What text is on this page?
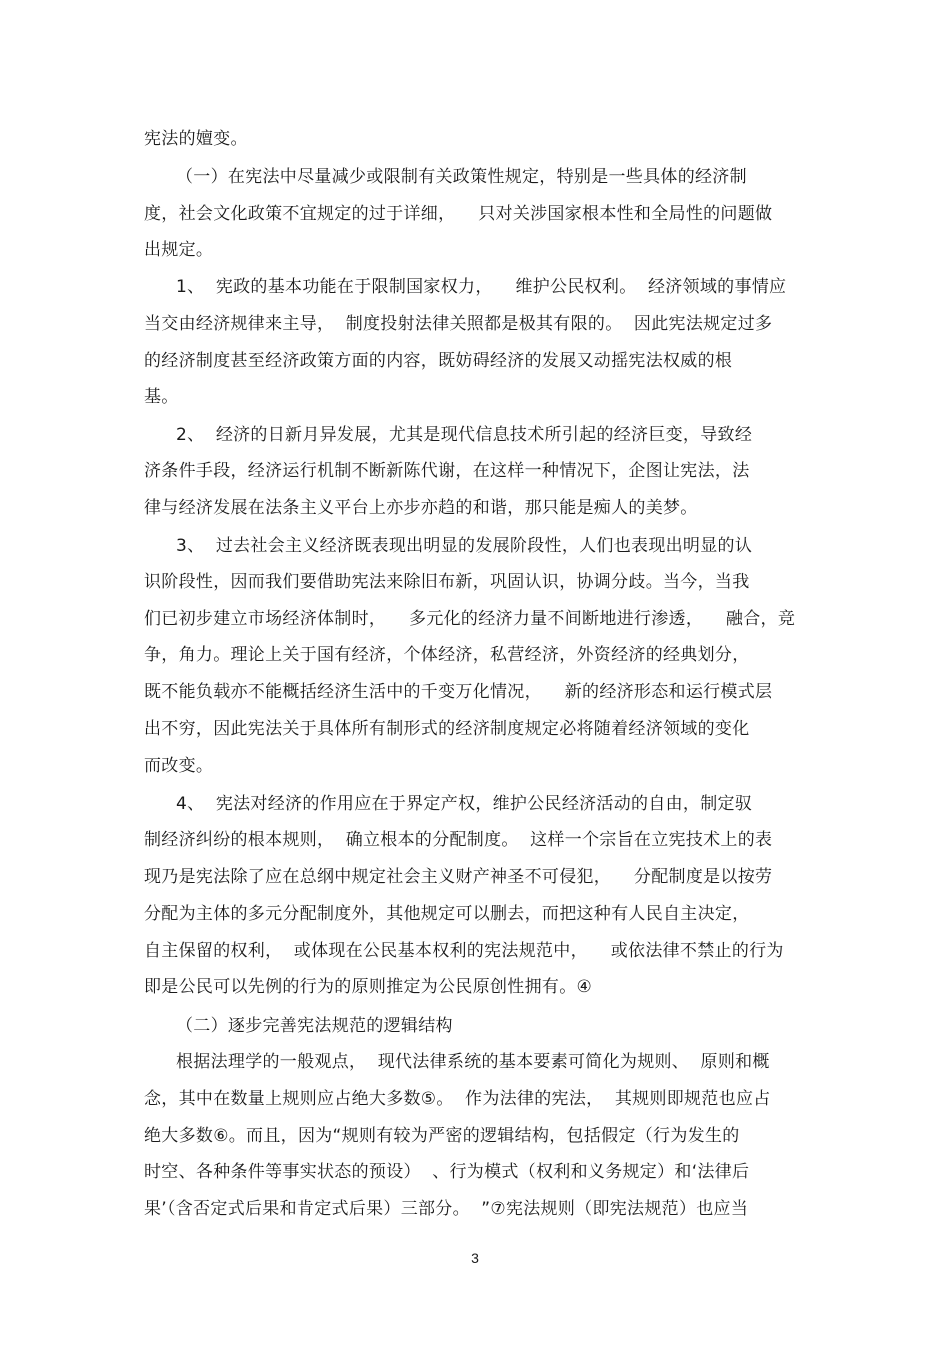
宪法的嬗变。
（一）在宪法中尽量减少或限制有关政策性规定，特别是一些具体的经济制
度，社会文化政策不宜规定的过于详细，    只对关涉国家根本性和全局性的问题做
出规定。
1、  宪政的基本功能在于限制国家权力，    维护公民权利。  经济领域的事情应
当交由经济规律来主导，  制度投射法律关照都是极其有限的。  因此宪法规定过多
的经济制度甚至经济政策方面的内容，既妨碍经济的发展又动摇宪法权威的根
基。
2、  经济的日新月异发展，尤其是现代信息技术所引起的经济巨变，导致经
济条件手段，经济运行机制不断新陈代谢，在这样一种情况下，企图让宪法，法
律与经济发展在法条主义平台上亦步亦趋的和谐，那只能是痴人的美梦。
3、  过去社会主义经济既表现出明显的发展阶段性，人们也表现出明显的认
识阶段性，因而我们要借助宪法来除旧布新，巩固认识，协调分歧。当今，当我
们已初步建立市场经济体制时，    多元化的经济力量不间断地进行渗透，    融合，竞
争，角力。理论上关于国有经济，个体经济，私营经济，外资经济的经典划分，
既不能负载亦不能概括经济生活中的千变万化情况，    新的经济形态和运行模式层
出不穷，因此宪法关于具体所有制形式的经济制度规定必将随着经济领域的变化
而改变。
4、  宪法对经济的作用应在于界定产权，维护公民经济活动的自由，制定驭
制经济纠纷的根本规则，  确立根本的分配制度。  这样一个宗旨在立宪技术上的表
现乃是宪法除了应在总纲中规定社会主义财产神圣不可侵犯，    分配制度是以按劳
分配为主体的多元分配制度外，其他规定可以删去，而把这种有人民自主决定，
自主保留的权利，  或体现在公民基本权利的宪法规范中，    或依法律不禁止的行为
即是公民可以先例的行为的原则推定为公民原创性拥有。④
（二）逐步完善宪法规范的逻辑结构
根据法理学的一般观点，  现代法律系统的基本要素可简化为规则、  原则和概
念，其中在数量上规则应占绝大多数⑤。  作为法律的宪法，  其规则即规范也应占
绝大多数⑥。而且，因为“规则有较为严密的逻辑结构，包括假定（行为发生的
时空、各种条件等事实状态的预设）  、行为模式（权利和义务规定）和‘法律后
果’（含否定式后果和肯定式后果）三部分。  ”⑦宪法规则（即宪法规范）也应当
3
